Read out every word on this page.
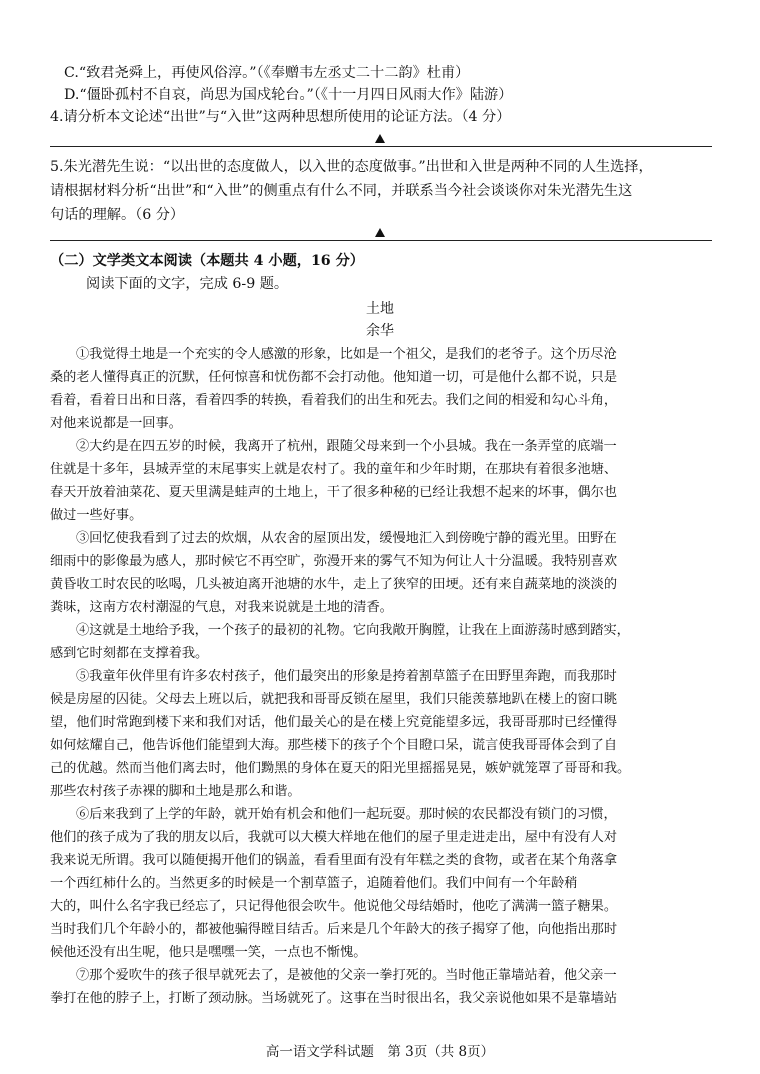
C.“致君尧舜上，再使风俗淳。”（《奉赠韦左丞丈二十二韵》杜甫）
D.“僵卧孤村不自哀，尚思为国戍轮台。”（《十一月四日风雨大作》陆游）
4.请分析本文论述“出世”与“入世”这两种思想所使用的论证方法。（4 分）
5.朱光潜先生说：“以出世的态度做人，以入世的态度做事。”出世和入世是两种不同的人生选择，
请根据材料分析“出世”和“入世”的侧重点有什么不同，并联系当今社会谈谈你对朱光潜先生这
句话的理解。（6 分）
（二）文学类文本阅读（本题共 4 小题，16 分）
阅读下面的文字，完成 6-9 题。
土地
余华
①我觉得土地是一个充实的令人感激的形象，比如是一个祖父，是我们的老爷子。这个历尽沧
桑的老人懂得真正的沉默，任何惊喜和忧伤都不会打动他。他知道一切，可是他什么都不说，只是
看着，看着日出和日落，看着四季的转换，看着我们的出生和死去。我们之间的相爱和勾心斗角，
对他来说都是一回事。
②大约是在四五岁的时候，我离开了杭州，跟随父母来到一个小县城。我在一条弄堂的底端一
住就是十多年，县城弄堂的末尾事实上就是农村了。我的童年和少年时期，在那块有着很多池塘、
春天开放着油菜花、夏天里满是蛙声的土地上，干了很多种秘的已经让我想不起来的坏事，偶尔也
做过一些好事。
③回忆使我看到了过去的炊烟，从农舍的屋顶出发，缓慢地汇入到傍晚宁静的霞光里。田野在
细雨中的影像最为感人，那时候它不再空旷，弥漫开来的雾气不知为何让人十分温暖。我特别喜欢
黄昏收工时农民的吆喝，几头被迫离开池塘的水牛，走上了狭窄的田埂。还有来自蔬菜地的淡淡的
粪味，这南方农村潮湿的气息，对我来说就是土地的清香。
④这就是土地给予我，一个孩子的最初的礼物。它向我敞开胸膛，让我在上面游荡时感到踏实，
感到它时刻都在支撑着我。
⑤我童年伙伴里有许多农村孩子，他们最突出的形象是挎着割草篮子在田野里奔跑，而我那时
候是房屋的囚徒。父母去上班以后，就把我和哥哥反锁在屋里，我们只能羡慕地趴在楼上的窗口眺
望，他们时常跑到楼下来和我们对话，他们最关心的是在楼上究竟能望多远，我哥哥那时已经懂得
如何炫耀自己，他告诉他们能望到大海。那些楼下的孩子个个目瞪口呆，谎言使我哥哥体会到了自
己的优越。然而当他们离去时，他们黝黑的身体在夏天的阳光里摇摇晃晃，嫉妒就笼罩了哥哥和我。
那些农村孩子赤裸的脚和土地是那么和谐。
⑥后来我到了上学的年龄，就开始有机会和他们一起玩耍。那时候的农民都没有锁门的习惯，
他们的孩子成为了我的朋友以后，我就可以大模大样地在他们的屋子里走进走出，屋中有没有人对
我来说无所谓。我可以随便揭开他们的锅盖，看看里面有没有年糕之类的食物，或者在某个角落拿
一个西红柿什么的。当然更多的时候是一个割草篮子，追随着他们。我们中间有一个年龄稍
大的，叫什么名字我已经忘了，只记得他很会吹牛。他说他父母结婚时，他吃了满满一篮子糖果。
当时我们几个年龄小的，都被他骗得瞠目结舌。后来是几个年龄大的孩子揭穿了他，向他指出那时
候他还没有出生呢，他只是嘿嘿一笑，一点也不惭愧。
⑦那个爱吹牛的孩子很早就死去了，是被他的父亲一拳打死的。当时他正靠墙站着，他父亲一
拳打在他的脖子上，打断了颈动脉。当场就死了。这事在当时很出名，我父亲说他如果不是靠墙站
高一语文学科试题　第 3页（共 8页）
